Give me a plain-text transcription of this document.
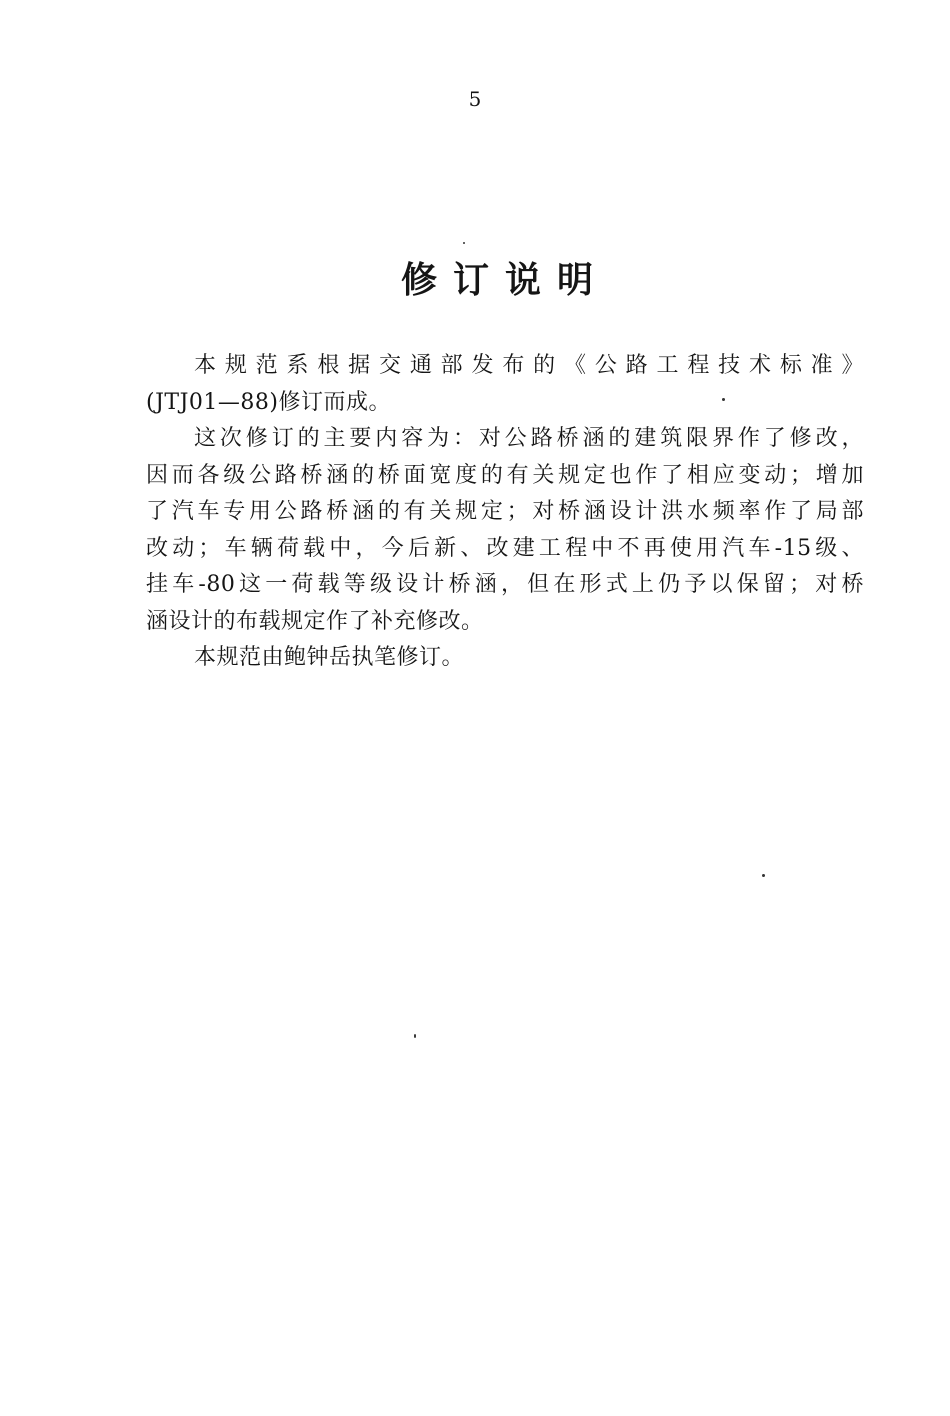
5
修订说明

本规范系根据交通部发布的《公路工程技术标准》
(JTJ01—88)修订而成。

这次修订的主要内容为：对公路桥涵的建筑限界作了修改，
因而各级公路桥涵的桥面宽度的有关规定也作了相应变动；增加
了汽车专用公路桥涵的有关规定；对桥涵设计洪水频率作了局部
改动；车辆荷载中，今后新、改建工程中不再使用汽车-15级、
挂车-80这一荷载等级设计桥涵，但在形式上仍予以保留；对桥
涵设计的布载规定作了补充修改。

本规范由鲍钟岳执笔修订。
